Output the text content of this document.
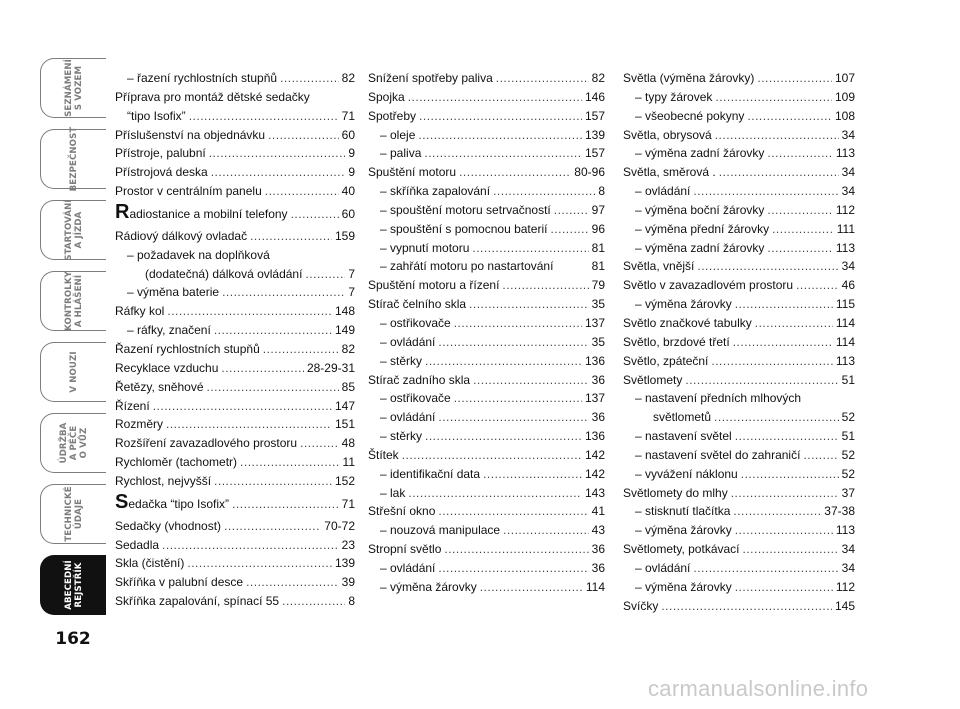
SEZNÁMENÍ
S VOZEM
BEZPEČNOST
STARTOVÁNÍ
A JÍZDA
KONTROLKY
A HLÁŠENÍ
V NOUZI
ÚDRŽBA
A PÉČE
O VŮZ
TECHNICKÉ
ÚDAJE
ABECEDNÍ
REJSTŘÍK
162
– řazení rychlostních stupňů .....	82
Příprava pro montáž dětské sedačky
“tipo Isofix” .....	71
Příslušenství na objednávku .....	60
Přístroje, palubní .....	9
Přístrojová deska .....	9
Prostor v centrálním panelu .....	40
Radiostanice a mobilní telefony .....	60
Rádiový dálkový ovladač .....	159
– požadavek na doplňková
(dodatečná) dálková ovládání .....	7
– výměna baterie .....	7
Ráfky kol .....	148
– ráfky, značení .....	149
Řazení rychlostních stupňů .....	82
Recyklace vzduchu .....	28-29-31
Řetězy, sněhové .....	85
Řízení .....	147
Rozměry .....	151
Rozšíření zavazadlového prostoru .....	48
Rychloměr (tachometr) .....	11
Rychlost, nejvyšší .....	152
Sedačka “tipo Isofix” .....	71
Sedačky (vhodnost) .....	70-72
Sedadla .....	23
Skla (čistění) .....	139
Skříňka v palubní desce .....	39
Skříňka zapalování, spínací 55 .....	8
Snížení spotřeby paliva .....	82
Spojka .....	146
Spotřeby .....	157
– oleje .....	139
– paliva .....	157
Spuštění motoru .....	80-96
– skříňka zapalování .....	8
– spouštění motoru setrvačností .....	97
– spouštění s pomocnou baterií .....	96
– vypnutí motoru .....	81
– zahřátí motoru po nastartování	81
Spuštění motoru a řízení .....	79
Stírač čelního skla .....	35
– ostřikovače .....	137
– ovládání .....	35
– stěrky .....	136
Stírač zadního skla .....	36
– ostřikovače .....	137
– ovládání .....	36
– stěrky .....	136
Štítek .....	142
– identifikační data .....	142
– lak .....	143
Střešní okno .....	41
– nouzová manipulace .....	43
Stropní světlo .....	36
– ovládání .....	36
– výměna žárovky .....	114
Světla (výměna žárovky) .....	107
– typy žárovek .....	109
– všeobecné pokyny .....	108
Světla, obrysová .....	34
– výměna zadní žárovky .....	113
Světla, směrová . .....	34
– ovládání .....	34
– výměna boční žárovky .....	112
– výměna přední žárovky .....	111
– výměna zadní žárovky .....	113
Světla, vnější .....	34
Světlo v zavazadlovém prostoru .....	46
– výměna žárovky .....	115
Světlo značkové tabulky .....	114
Světlo, brzdové třetí .....	114
Světlo, zpáteční .....	113
Světlomety .....	51
– nastavení předních mlhových
světlometů .....	52
– nastavení světel .....	51
– nastavení světel do zahraničí .....	52
– vyvážení náklonu .....	52
Světlomety do mlhy .....	37
– stisknutí tlačítka .....	37-38
– výměna žárovky .....	113
Světlomety, potkávací .....	34
– ovládání .....	34
– výměna žárovky .....	112
Svíčky .....	145
carmanualsonline.info
